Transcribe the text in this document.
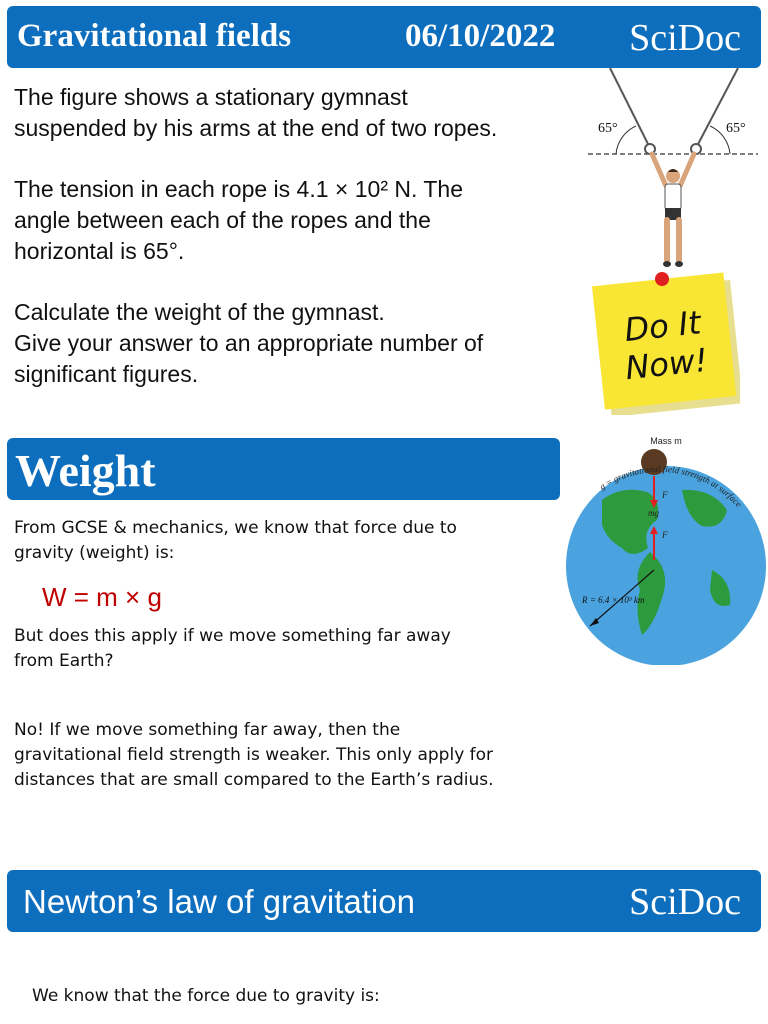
Gravitational fields	06/10/2022 SciDoc
The figure shows a stationary gymnast
suspended by his arms at the end of two ropes.
The tension in each rope is 4.1 × 10² N. The
angle between each of the ropes and the
horizontal is 65°.
Calculate the weight of the gymnast.
Give your answer to an appropriate number of
significant figures.
65°	65°
Do It
Now!
Weight
From GCSE & mechanics, we know that force due to
gravity (weight) is:
W = m × g
But does this apply if we move something far away
from Earth?
No! If we move something far away, then the
gravitational field strength is weaker. This only apply for
distances that are small compared to the Earth’s radius.
Mass m
F
mg
F
R = 6.4 × 10³ km
g = gravitational field strength at surface
Newton’s law of gravitation	SciDoc
We know that the force due to gravity is:
